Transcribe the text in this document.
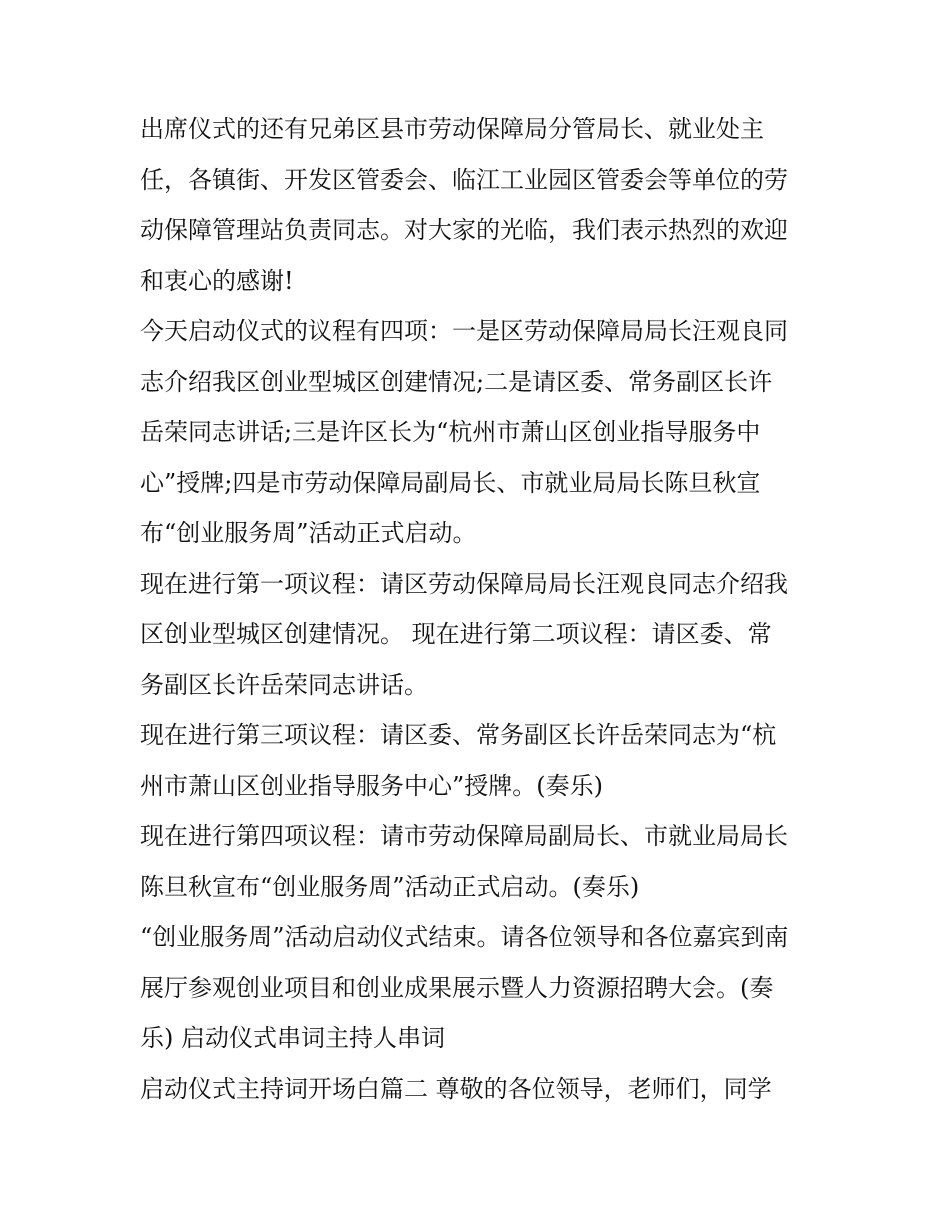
出席仪式的还有兄弟区县市劳动保障局分管局长、就业处主
任，各镇街、开发区管委会、临江工业园区管委会等单位的劳
动保障管理站负责同志。对大家的光临，我们表示热烈的欢迎
和衷心的感谢!
今天启动仪式的议程有四项：一是区劳动保障局局长汪观良同
志介绍我区创业型城区创建情况;二是请区委、常务副区长许
岳荣同志讲话;三是许区长为“杭州市萧山区创业指导服务中
心”授牌;四是市劳动保障局副局长、市就业局局长陈旦秋宣
布“创业服务周”活动正式启动。
现在进行第一项议程：请区劳动保障局局长汪观良同志介绍我
区创业型城区创建情况。 现在进行第二项议程：请区委、常
务副区长许岳荣同志讲话。
现在进行第三项议程：请区委、常务副区长许岳荣同志为“杭
州市萧山区创业指导服务中心”授牌。(奏乐)
现在进行第四项议程：请市劳动保障局副局长、市就业局局长
陈旦秋宣布“创业服务周”活动正式启动。(奏乐)
“创业服务周”活动启动仪式结束。请各位领导和各位嘉宾到南
展厅参观创业项目和创业成果展示暨人力资源招聘大会。(奏
乐) 启动仪式串词主持人串词
启动仪式主持词开场白篇二 尊敬的各位领导，老师们，同学
